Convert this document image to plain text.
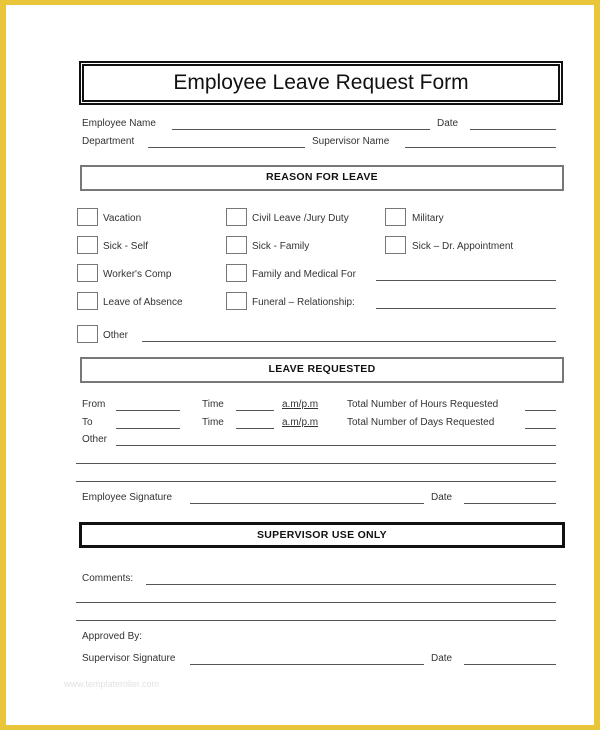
Employee Leave Request Form
Employee Name	Date
Department	Supervisor Name
REASON FOR LEAVE
Vacation	Civil Leave /Jury Duty	Military
Sick - Self	Sick - Family	Sick – Dr. Appointment
Worker's Comp	Family and Medical For
Leave of Absence	Funeral – Relationship:
Other
LEAVE REQUESTED
From	Time	a.m/p.m	Total Number of Hours Requested
To	Time	a.m/p.m	Total Number of Days Requested
Other
Employee Signature	Date
SUPERVISOR USE ONLY
Comments:
Approved By:
Supervisor Signature	Date
www.templateroller.com
